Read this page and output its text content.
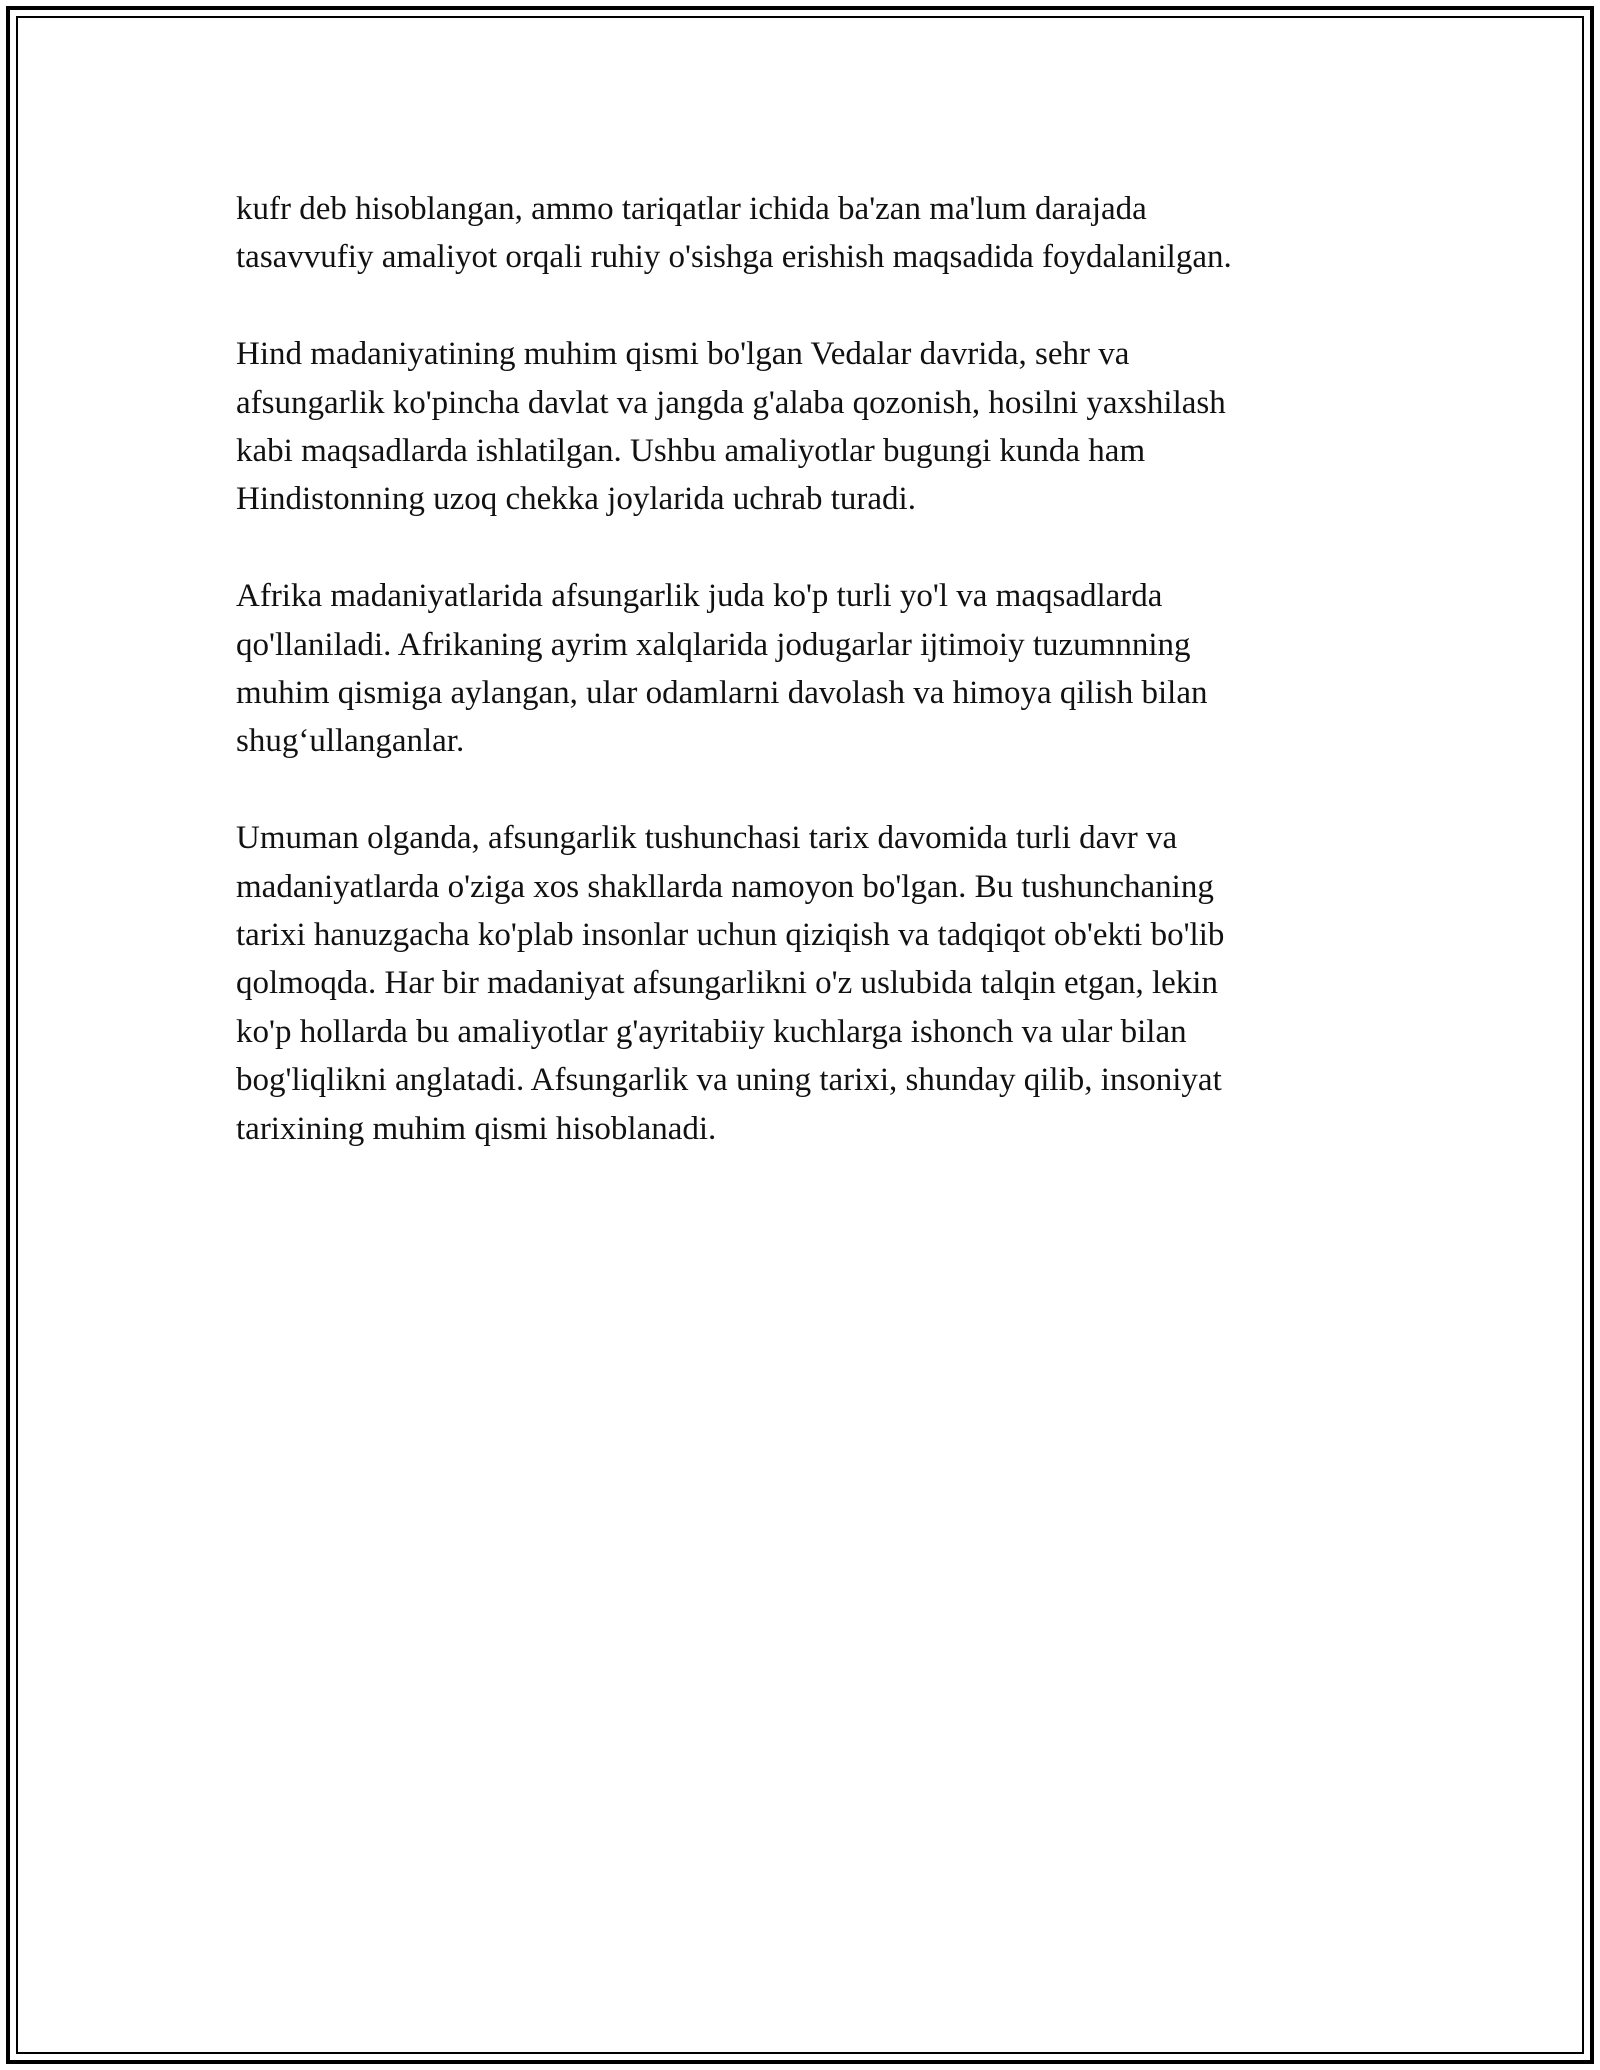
kufr deb hisoblangan, ammo tariqatlar ichida ba'zan ma'lum darajada
tasavvufiy amaliyot orqali ruhiy o'sishga erishish maqsadida foydalanilgan.

Hind madaniyatining muhim qismi bo'lgan Vedalar davrida, sehr va
afsungarlik ko'pincha davlat va jangda g'alaba qozonish, hosilni yaxshilash
kabi maqsadlarda ishlatilgan. Ushbu amaliyotlar bugungi kunda ham
Hindistonning uzoq chekka joylarida uchrab turadi.

Afrika madaniyatlarida afsungarlik juda ko'p turli yo'l va maqsadlarda
qo'llaniladi. Afrikaning ayrim xalqlarida jodugarlar ijtimoiy tuzumnning
muhim qismiga aylangan, ular odamlarni davolash va himoya qilish bilan
shug‘ullanganlar.

Umuman olganda, afsungarlik tushunchasi tarix davomida turli davr va
madaniyatlarda o'ziga xos shakllarda namoyon bo'lgan. Bu tushunchaning
tarixi hanuzgacha ko'plab insonlar uchun qiziqish va tadqiqot ob'ekti bo'lib
qolmoqda. Har bir madaniyat afsungarlikni o'z uslubida talqin etgan, lekin
ko'p hollarda bu amaliyotlar g'ayritabiiy kuchlarga ishonch va ular bilan
bog'liqlikni anglatadi. Afsungarlik va uning tarixi, shunday qilib, insoniyat
tarixining muhim qismi hisoblanadi.
